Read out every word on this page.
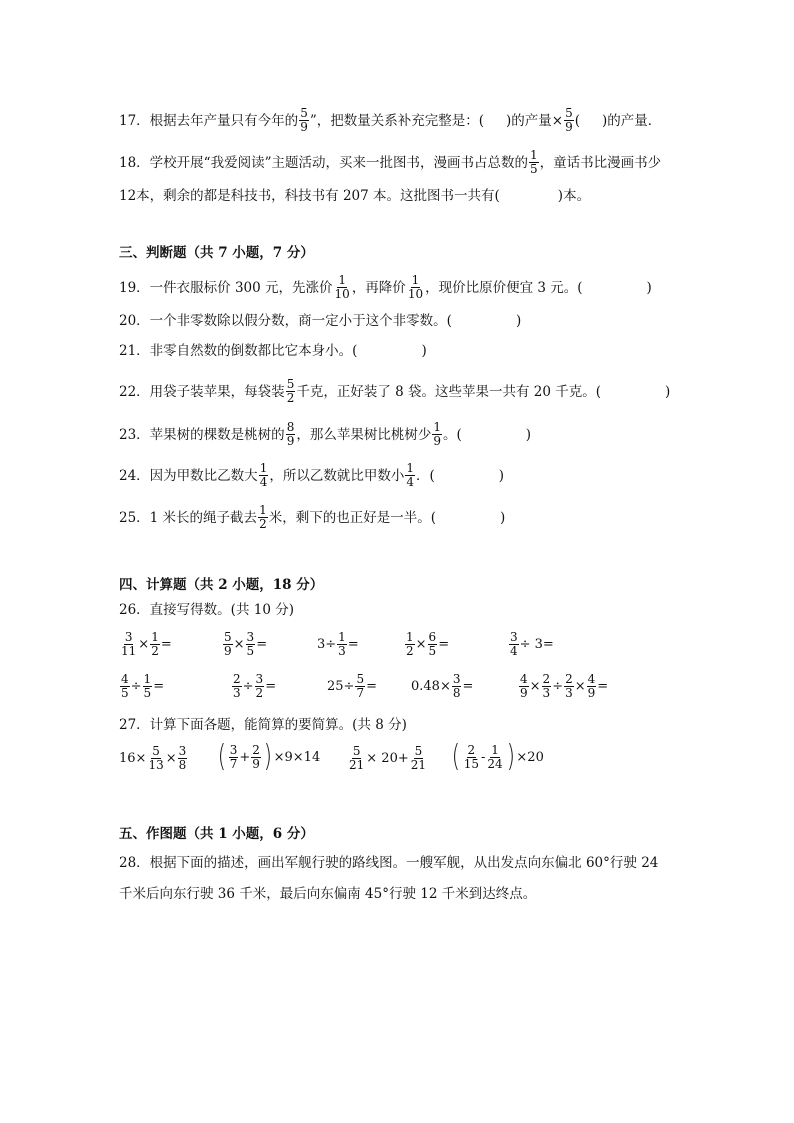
17．根据去年产量只有今年的 $\frac{5}{9}$ ”，把数量关系补充完整是：( )的产量× $\frac{5}{9}$ ( )的产量．
18．学校开展“我爱阅读”主题活动，买来一批图书，漫画书占总数的 $\frac{1}{5}$ ，童话书比漫画书少
12本，剩余的都是科技书，科技书有 207 本。这批图书一共有(	)本。
三、判断题（共 7 小题，7 分）
19．一件衣服标价 300 元，先涨价 $\frac{1}{10}$ ，再降价 $\frac{1}{10}$ ，现价比原价便宜 3 元。(	)
20．一个非零数除以假分数，商一定小于这个非零数。(	)
21．非零自然数的倒数都比它本身小。(	)
22．用袋子装苹果，每袋装 $\frac{5}{2}$ 千克，正好装了 8 袋。这些苹果一共有 20 千克。(	)
23．苹果树的棵数是桃树的 $\frac{8}{9}$ ，那么苹果树比桃树少 $\frac{1}{9}$ 。(	)
24．因为甲数比乙数大 $\frac{1}{4}$ ，所以乙数就比甲数小 $\frac{1}{4}$ ．(	)
25．1 米长的绳子截去 $\frac{1}{2}$ 米，剩下的也正好是一半。(	)
四、计算题（共 2 小题，18 分）
26．直接写得数。(共 10 分)
$\frac{3}{11} \times \frac{1}{2}$ =	$\frac{5}{9} \times \frac{3}{5}$ =	$3\div \frac{1}{3}$ =	$\frac{1}{2} \times \frac{6}{5}$ =	$\frac{3}{4} \div 3=$
$\frac{4}{5} \div \frac{1}{5}$ =	$\frac{2}{3} \div \frac{3}{2}$ =	$25\div \frac{5}{7}$ =	$0.48\times \frac{3}{8}$ =	$\frac{4}{9} \times \frac{2}{3} \div \frac{2}{3} \times \frac{4}{9}$ =
27．计算下面各题，能简算的要简算。(共 8 分)
$16\times \frac{5}{13} \times \frac{3}{8}$ ( $\frac{3}{7} + \frac{2}{9}$ ) $\times 9\times 14 \frac{5}{21} \times 20+ \frac{5}{21}$ ( $\frac{2}{15} - \frac{1}{24}$ ) ×20
五、作图题（共 1 小题，6 分）
28．根据下面的描述，画出军舰行驶的路线图。一艘军舰，从出发点向东偏北 60°行驶 24
千米后向东行驶 36 千米，最后向东偏南 45°行驶 12 千米到达终点。
